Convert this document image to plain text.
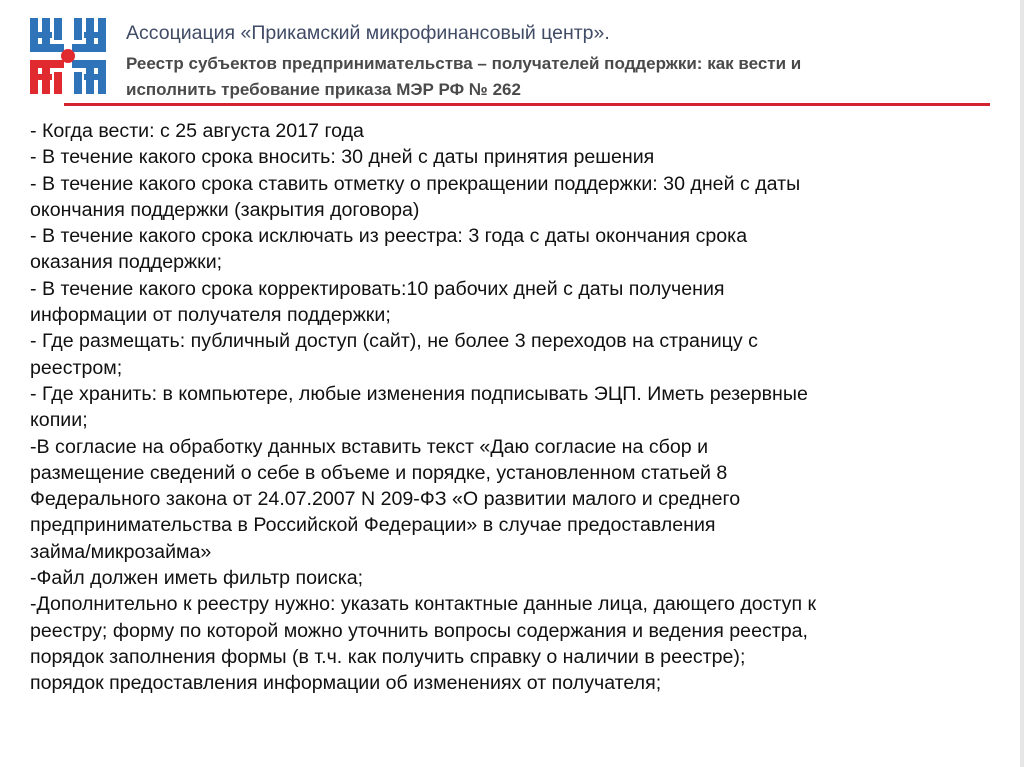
Ассоциация «Прикамский микрофинансовый центр».
Реестр субъектов предпринимательства – получателей поддержки: как вести и
исполнить требование приказа МЭР РФ № 262
- Когда вести: с 25 августа 2017 года
- В течение какого срока вносить: 30 дней с даты принятия решения
- В течение какого срока ставить отметку о прекращении поддержки: 30 дней с даты
окончания поддержки (закрытия договора)
- В течение какого срока исключать из реестра: 3 года с даты окончания срока
оказания поддержки;
- В течение какого срока корректировать:10 рабочих дней с даты получения
информации от получателя поддержки;
- Где размещать: публичный доступ (сайт), не более 3 переходов на страницу с
реестром;
- Где хранить: в компьютере, любые изменения подписывать ЭЦП. Иметь резервные
копии;
-В согласие на обработку данных вставить текст «Даю согласие на сбор и
размещение сведений о себе в объеме и порядке, установленном статьей 8
Федерального закона от 24.07.2007 N 209-ФЗ «О развитии малого и среднего
предпринимательства в Российской Федерации» в случае предоставления
займа/микрозайма»
-Файл должен иметь фильтр поиска;
-Дополнительно к реестру нужно: указать контактные данные лица, дающего доступ к
реестру; форму по которой можно уточнить вопросы содержания и ведения реестра,
порядок заполнения формы (в т.ч. как получить справку о наличии в реестре);
порядок предоставления информации об изменениях от получателя;
